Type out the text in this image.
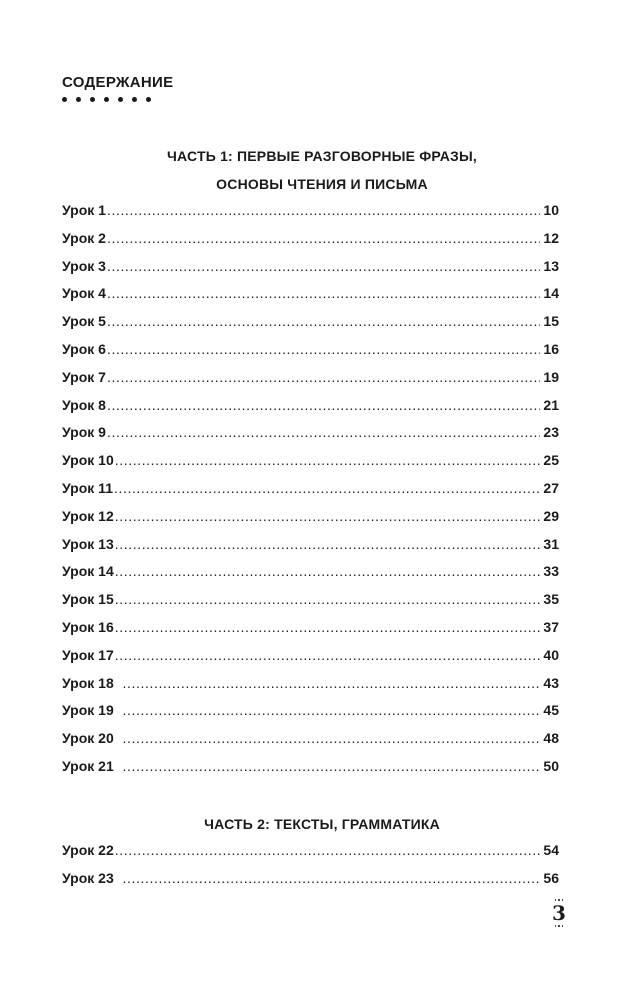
СОДЕРЖАНИЕ
ЧАСТЬ 1: ПЕРВЫЕ РАЗГОВОРНЫЕ ФРАЗЫ,
ОСНОВЫ ЧТЕНИЯ И ПИСЬМА
Урок 1 .....	10
Урок 2 .....	12
Урок 3 .....	13
Урок 4 .....	14
Урок 5 .....	15
Урок 6 .....	16
Урок 7 .....	19
Урок 8 .....	21
Урок 9 .....	23
Урок 10 .....	25
Урок 11 .....	27
Урок 12 .....	29
Урок 13 .....	31
Урок 14 .....	33
Урок 15 .....	35
Урок 16 .....	37
Урок 17 .....	40
Урок 18 .....	43
Урок 19 .....	45
Урок 20 .....	48
Урок 21 .....	50
ЧАСТЬ 2: ТЕКСТЫ, ГРАММАТИКА
Урок 22 .....	54
Урок 23 .....	56
3
